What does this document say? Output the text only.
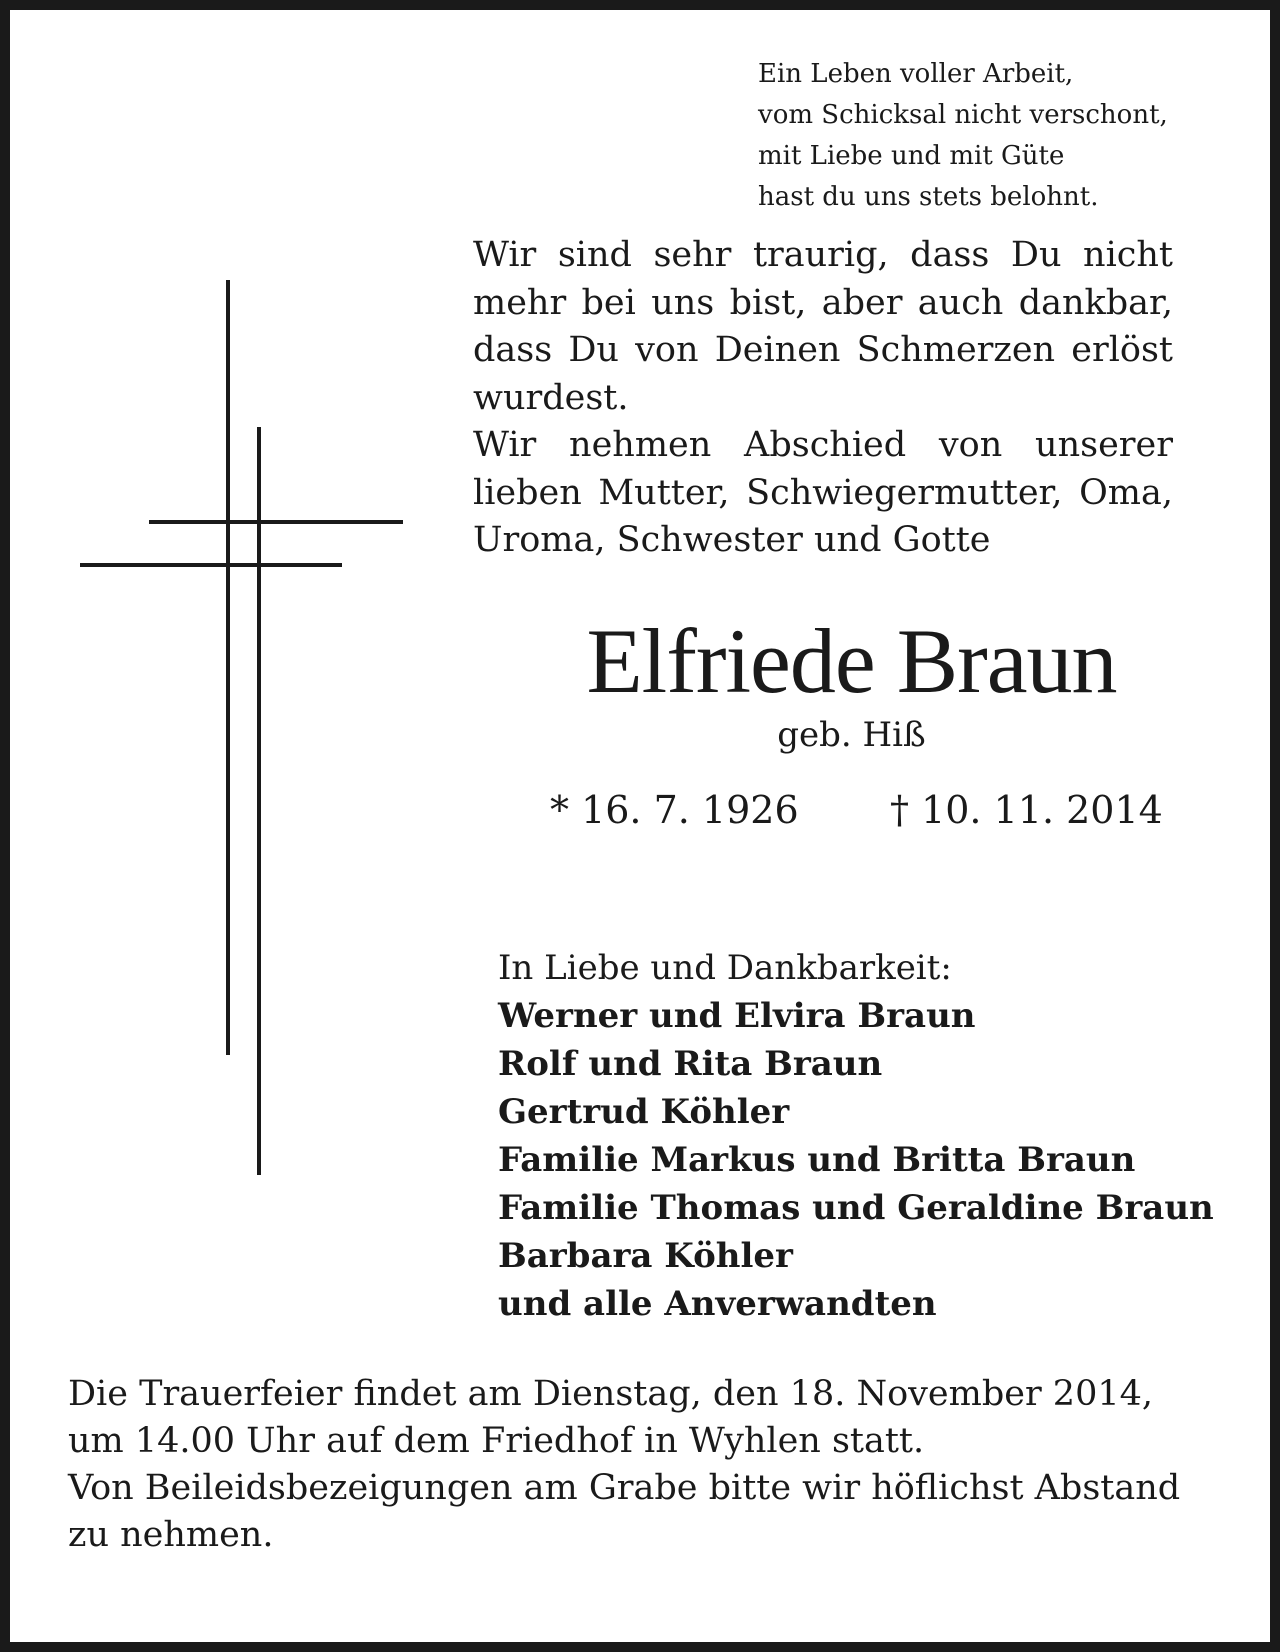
Ein Leben voller Arbeit,
vom Schicksal nicht verschont,
mit Liebe und mit Güte
hast du uns stets belohnt.

Wir sind sehr traurig, dass Du nicht mehr bei uns bist, aber auch dankbar, dass Du von Deinen Schmerzen erlöst wurdest.

Wir nehmen Abschied von unserer lieben Mutter, Schwiegermutter, Oma, Uroma, Schwester und Gotte

Elfriede Braun
geb. Hiß
* 16. 7. 1926 † 10. 11. 2014
In Liebe und Dankbarkeit:
Werner und Elvira Braun
Rolf und Rita Braun
Gertrud Köhler
Familie Markus und Britta Braun
Familie Thomas und Geraldine Braun
Barbara Köhler
und alle Anverwandten
Die Trauerfeier findet am Dienstag, den 18. November 2014,
um 14.00 Uhr auf dem Friedhof in Wyhlen statt.
Von Beileidsbezeigungen am Grabe bitte wir höflichst Abstand
zu nehmen.
